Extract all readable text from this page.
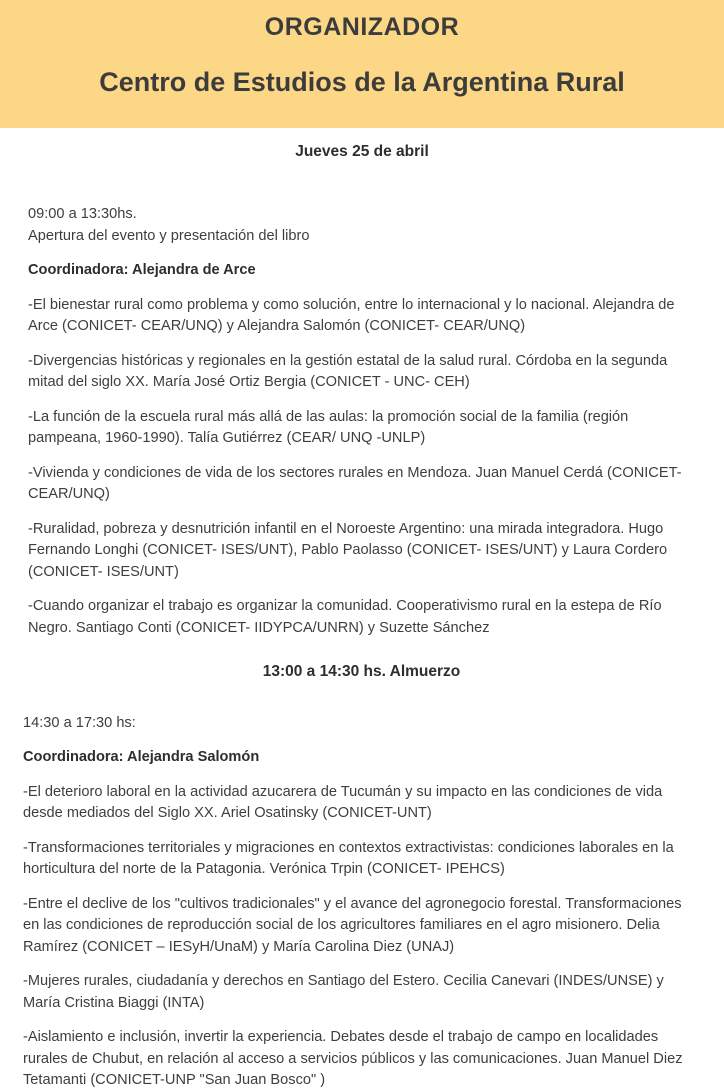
ORGANIZADOR
Centro de Estudios de la Argentina Rural
Jueves 25 de abril

09:00 a 13:30hs.
Apertura del evento y presentación del libro

Coordinadora: Alejandra de Arce

-El bienestar rural como problema y como solución, entre lo internacional y lo nacional. Alejandra de Arce (CONICET- CEAR/UNQ) y Alejandra Salomón (CONICET- CEAR/UNQ)

-Divergencias históricas y regionales en la gestión estatal de la salud rural. Córdoba en la segunda mitad del siglo XX. María José Ortiz Bergia (CONICET - UNC- CEH)

-La función de la escuela rural más allá de las aulas: la promoción social de la familia (región pampeana, 1960-1990). Talía Gutiérrez (CEAR/ UNQ -UNLP)

-Vivienda y condiciones de vida de los sectores rurales en Mendoza. Juan Manuel Cerdá (CONICET- CEAR/UNQ)

-Ruralidad, pobreza y desnutrición infantil en el Noroeste Argentino: una mirada integradora. Hugo Fernando Longhi (CONICET- ISES/UNT), Pablo Paolasso (CONICET- ISES/UNT) y Laura Cordero (CONICET- ISES/UNT)

-Cuando organizar el trabajo es organizar la comunidad. Cooperativismo rural en la estepa de Río Negro. Santiago Conti (CONICET- IIDYPCA/UNRN) y Suzette Sánchez

13:00 a 14:30 hs. Almuerzo

14:30 a 17:30 hs:

Coordinadora: Alejandra Salomón

-El deterioro laboral en la actividad azucarera de Tucumán y su impacto en las condiciones de vida desde mediados del Siglo XX. Ariel Osatinsky (CONICET-UNT)

-Transformaciones territoriales y migraciones en contextos extractivistas: condiciones laborales en la horticultura del norte de la Patagonia. Verónica Trpin (CONICET- IPEHCS)

-Entre el declive de los "cultivos tradicionales" y el avance del agronegocio forestal. Transformaciones en las condiciones de reproducción social de los agricultores familiares en el agro misionero. Delia Ramírez (CONICET – IESyH/UnaM) y María Carolina Diez (UNAJ)

-Mujeres rurales, ciudadanía y derechos en Santiago del Estero. Cecilia Canevari (INDES/UNSE) y María Cristina Biaggi (INTA)

-Aislamiento e inclusión, invertir la experiencia. Debates desde el trabajo de campo en localidades rurales de Chubut, en relación al acceso a servicios públicos y las comunicaciones. Juan Manuel Diez Tetamanti (CONICET-UNP "San Juan Bosco" )
